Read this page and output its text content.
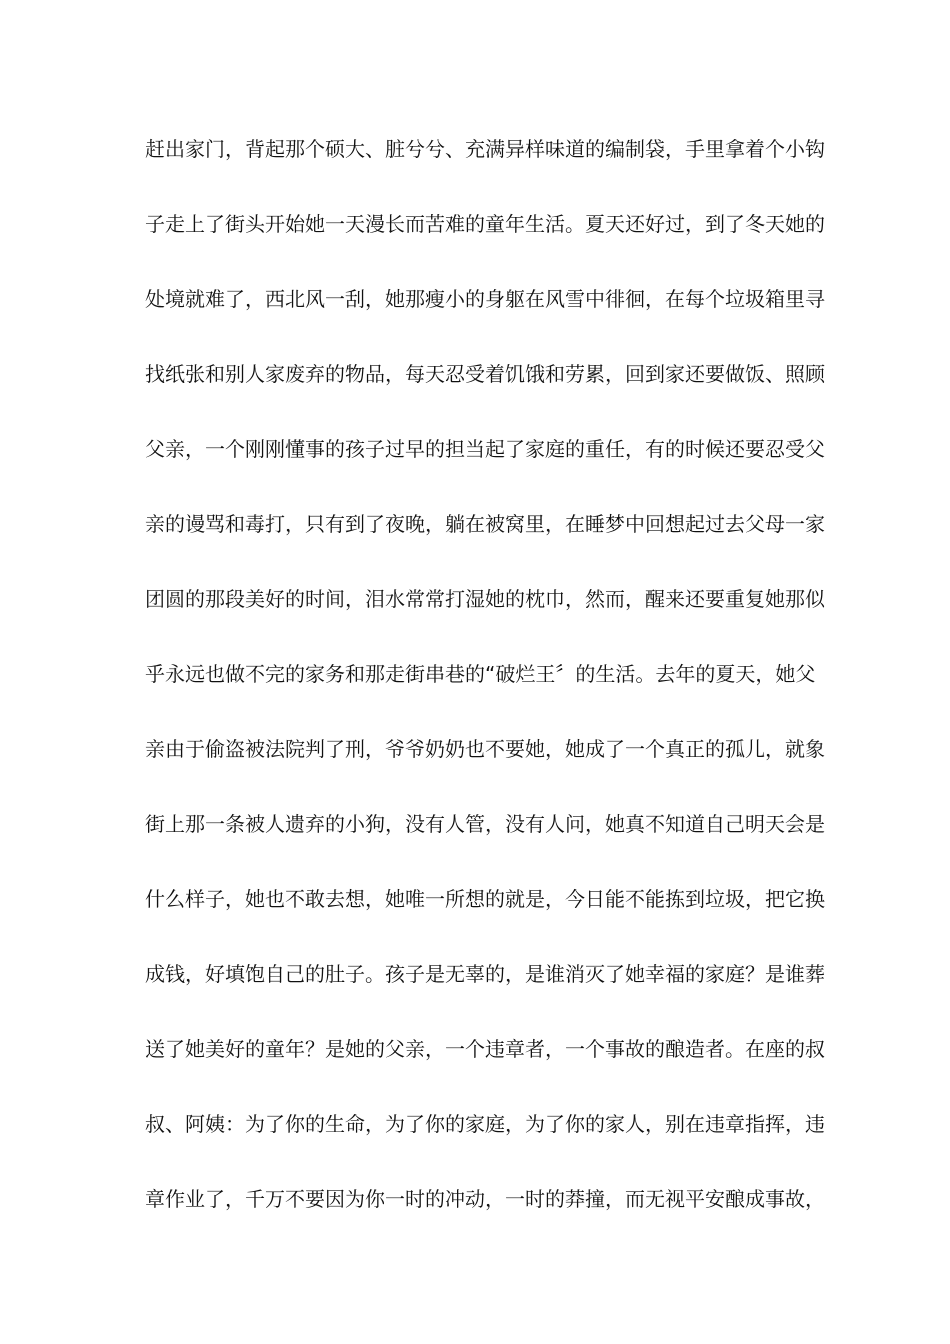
赶出家门，背起那个硕大、脏兮兮、充满异样味道的编制袋，手里拿着个小钩
子走上了街头开始她一天漫长而苦难的童年生活。夏天还好过，到了冬天她的
处境就难了，西北风一刮，她那瘦小的身躯在风雪中徘徊，在每个垃圾箱里寻
找纸张和别人家废弃的物品，每天忍受着饥饿和劳累，回到家还要做饭、照顾
父亲，一个刚刚懂事的孩子过早的担当起了家庭的重任，有的时候还要忍受父
亲的谩骂和毒打，只有到了夜晚，躺在被窝里，在睡梦中回想起过去父母一家
团圆的那段美好的时间，泪水常常打湿她的枕巾，然而，醒来还要重复她那似
乎永远也做不完的家务和那走街串巷的“破烂王〞的生活。去年的夏天，她父
亲由于偷盗被法院判了刑，爷爷奶奶也不要她，她成了一个真正的孤儿，就象
街上那一条被人遗弃的小狗，没有人管，没有人问，她真不知道自己明天会是
什么样子，她也不敢去想，她唯一所想的就是，今日能不能拣到垃圾，把它换
成钱，好填饱自己的肚子。孩子是无辜的，是谁消灭了她幸福的家庭？是谁葬
送了她美好的童年？是她的父亲，一个违章者，一个事故的酿造者。在座的叔
叔、阿姨：为了你的生命，为了你的家庭，为了你的家人，别在违章指挥，违
章作业了，千万不要因为你一时的冲动，一时的莽撞，而无视平安酿成事故，
